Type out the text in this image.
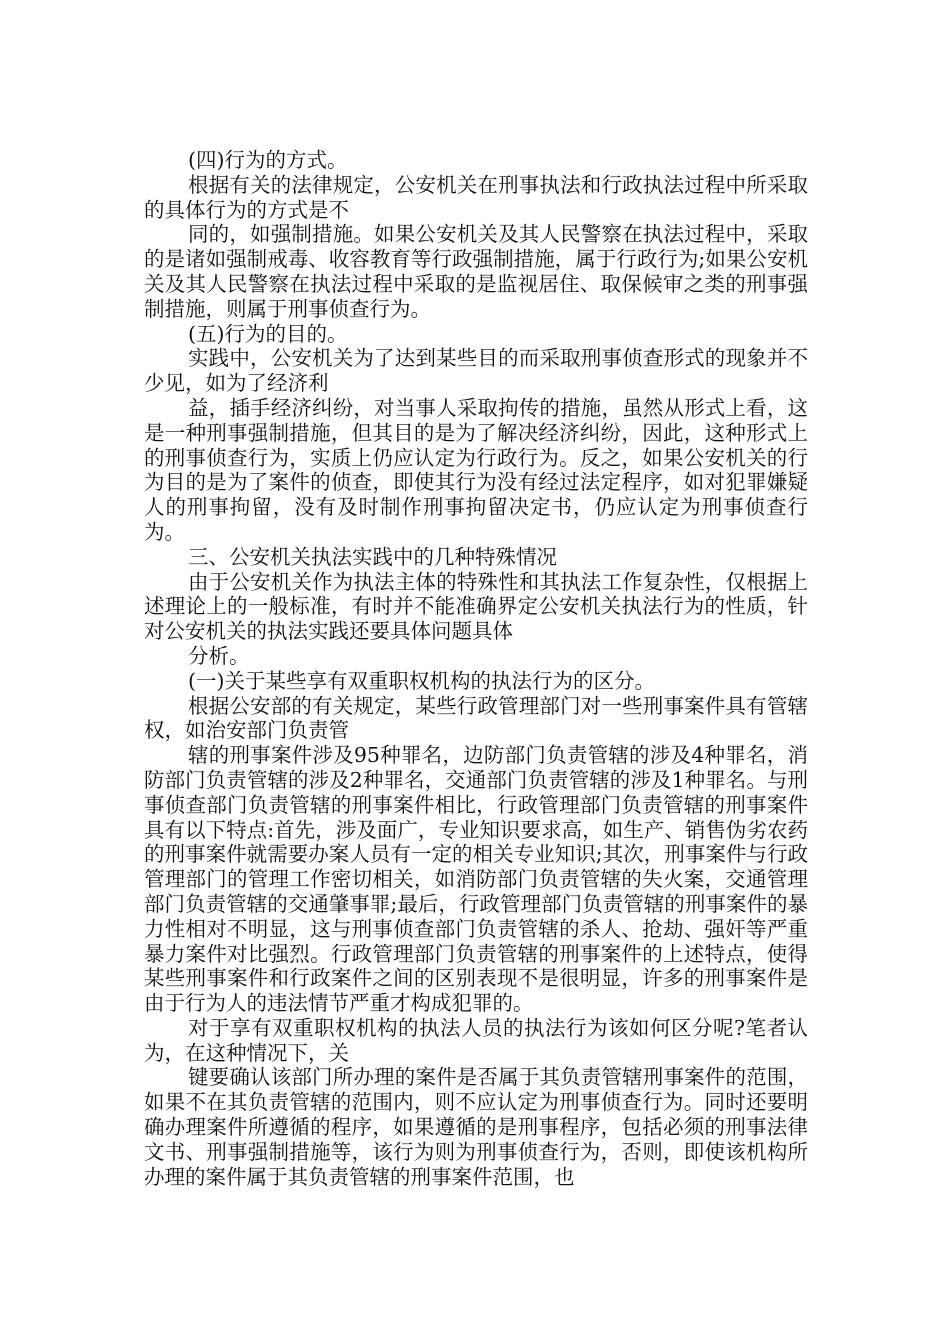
(四)行为的方式。

根据有关的法律规定，公安机关在刑事执法和行政执法过程中所采取的具体行为的方式是不

同的，如强制措施。如果公安机关及其人民警察在执法过程中，采取的是诸如强制戒毒、收容教育等行政强制措施，属于行政行为;如果公安机关及其人民警察在执法过程中采取的是监视居住、取保候审之类的刑事强制措施，则属于刑事侦查行为。

(五)行为的目的。

实践中，公安机关为了达到某些目的而采取刑事侦查形式的现象并不少见，如为了经济利

益，插手经济纠纷，对当事人采取拘传的措施，虽然从形式上看，这是一种刑事强制措施，但其目的是为了解决经济纠纷，因此，这种形式上的刑事侦查行为，实质上仍应认定为行政行为。反之，如果公安机关的行为目的是为了案件的侦查，即使其行为没有经过法定程序，如对犯罪嫌疑人的刑事拘留，没有及时制作刑事拘留决定书，仍应认定为刑事侦查行为。

三、公安机关执法实践中的几种特殊情况

由于公安机关作为执法主体的特殊性和其执法工作复杂性，仅根据上述理论上的一般标准，有时并不能准确界定公安机关执法行为的性质，针对公安机关的执法实践还要具体问题具体

分析。

(一)关于某些享有双重职权机构的执法行为的区分。

根据公安部的有关规定，某些行政管理部门对一些刑事案件具有管辖权，如治安部门负责管

辖的刑事案件涉及95种罪名，边防部门负责管辖的涉及4种罪名，消防部门负责管辖的涉及2种罪名，交通部门负责管辖的涉及1种罪名。与刑事侦查部门负责管辖的刑事案件相比，行政管理部门负责管辖的刑事案件具有以下特点:首先，涉及面广，专业知识要求高，如生产、销售伪劣农药的刑事案件就需要办案人员有一定的相关专业知识;其次，刑事案件与行政管理部门的管理工作密切相关，如消防部门负责管辖的失火案，交通管理部门负责管辖的交通肇事罪;最后，行政管理部门负责管辖的刑事案件的暴力性相对不明显，这与刑事侦查部门负责管辖的杀人、抢劫、强奸等严重暴力案件对比强烈。行政管理部门负责管辖的刑事案件的上述特点，使得某些刑事案件和行政案件之间的区别表现不是很明显，许多的刑事案件是由于行为人的违法情节严重才构成犯罪的。

对于享有双重职权机构的执法人员的执法行为该如何区分呢?笔者认为，在这种情况下，关

键要确认该部门所办理的案件是否属于其负责管辖刑事案件的范围，如果不在其负责管辖的范围内，则不应认定为刑事侦查行为。同时还要明确办理案件所遵循的程序，如果遵循的是刑事程序，包括必须的刑事法律文书、刑事强制措施等，该行为则为刑事侦查行为，否则，即使该机构所办理的案件属于其负责管辖的刑事案件范围，也
